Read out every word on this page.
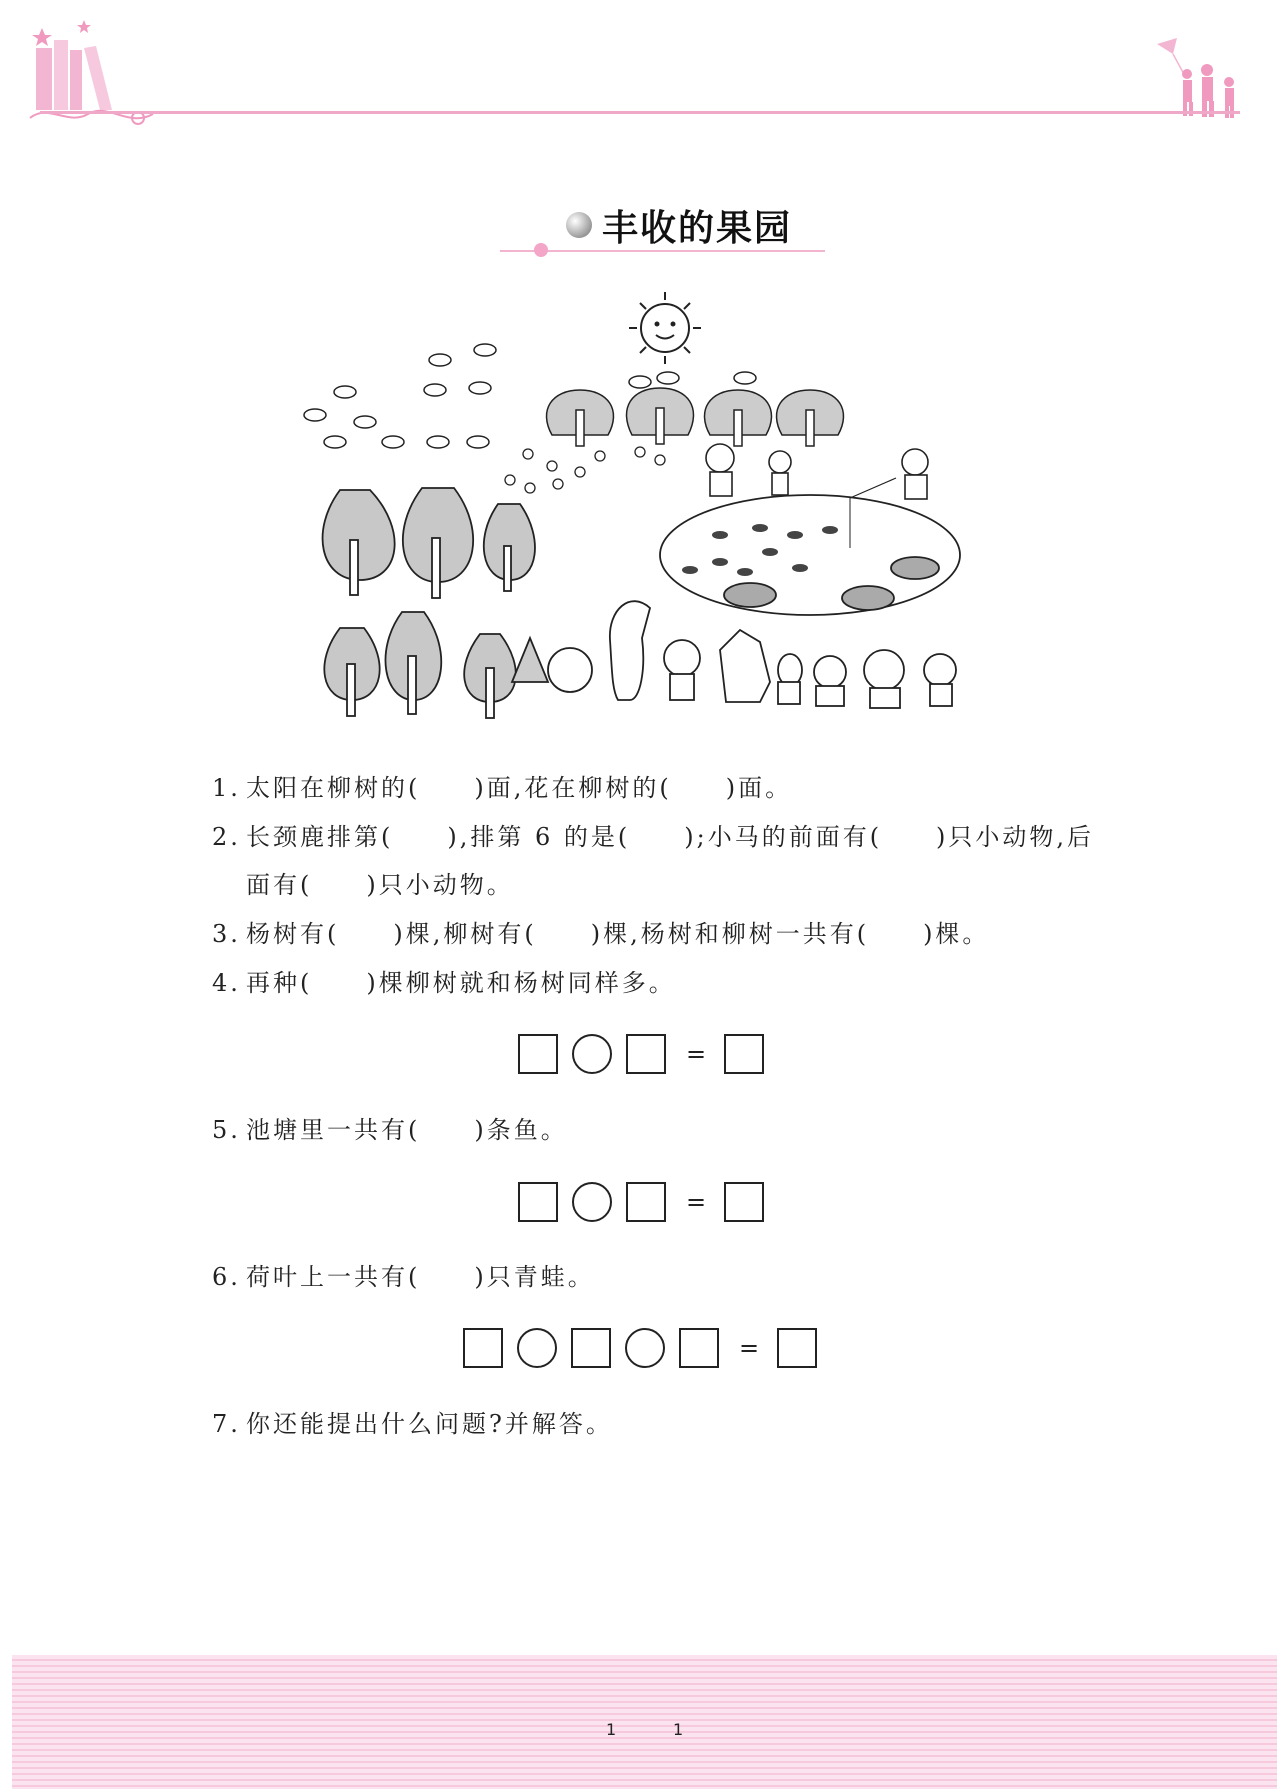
丰收的果园
1. 太阳在柳树的(　　)面,花在柳树的(　　)面。
2. 长颈鹿排第(　　),排第 6 的是(　　);小马的前面有(　　)只小动物,后
面有(　　)只小动物。
3. 杨树有(　　)棵,柳树有(　　)棵,杨树和柳树一共有(　　)棵。
4. 再种(　　)棵柳树就和杨树同样多。
=
5. 池塘里一共有(　　)条鱼。
=
6. 荷叶上一共有(　　)只青蛙。
=
7. 你还能提出什么问题?并解答。
1	1
